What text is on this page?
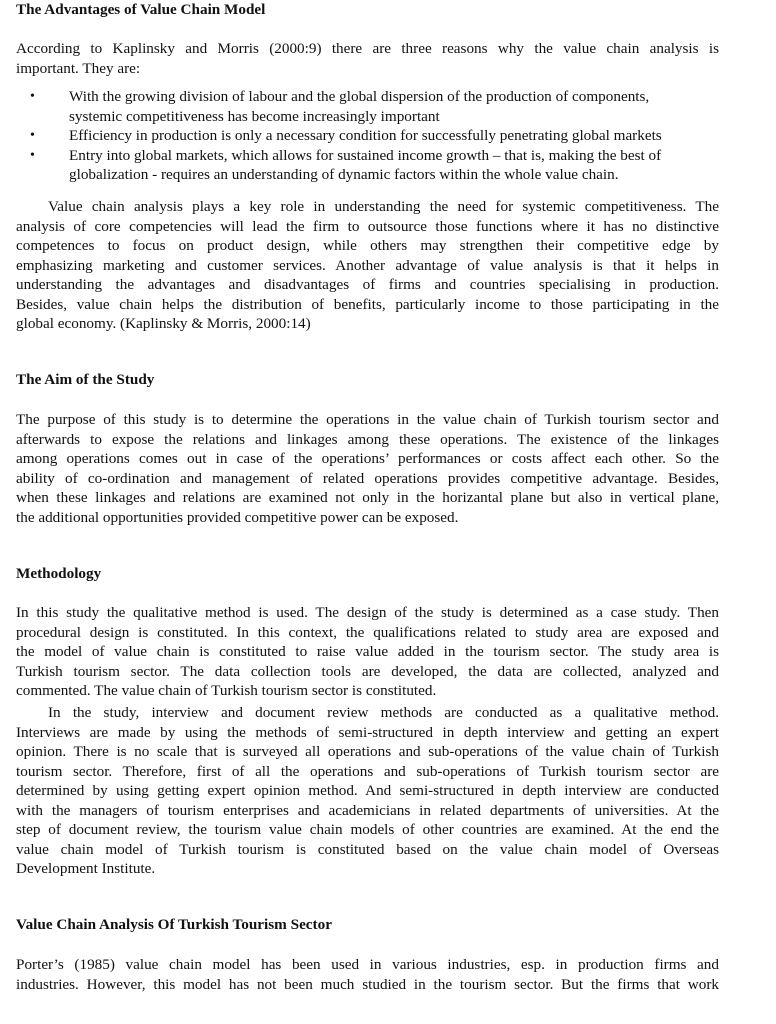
The Advantages of Value Chain Model
According to Kaplinsky and Morris (2000:9) there are three reasons why the value chain analysis is
important. They are:
• With the growing division of labour and the global dispersion of the production of components,
systemic competitiveness has become increasingly important
• Efficiency in production is only a necessary condition for successfully penetrating global markets
• Entry into global markets, which allows for sustained income growth – that is, making the best of
globalization - requires an understanding of dynamic factors within the whole value chain.
Value chain analysis plays a key role in understanding the need for systemic competitiveness. The
analysis of core competencies will lead the firm to outsource those functions where it has no distinctive
competences to focus on product design, while others may strengthen their competitive edge by
emphasizing marketing and customer services. Another advantage of value analysis is that it helps in
understanding the advantages and disadvantages of firms and countries specialising in production.
Besides, value chain helps the distribution of benefits, particularly income to those participating in the
global economy. (Kaplinsky & Morris, 2000:14)
The Aim of the Study
The purpose of this study is to determine the operations in the value chain of Turkish tourism sector and
afterwards to expose the relations and linkages among these operations. The existence of the linkages
among operations comes out in case of the operations’ performances or costs affect each other. So the
ability of co-ordination and management of related operations provides competitive advantage. Besides,
when these linkages and relations are examined not only in the horizantal plane but also in vertical plane,
the additional opportunities provided competitive power can be exposed.
Methodology
In this study the qualitative method is used. The design of the study is determined as a case study. Then
procedural design is constituted. In this context, the qualifications related to study area are exposed and
the model of value chain is constituted to raise value added in the tourism sector. The study area is
Turkish tourism sector. The data collection tools are developed, the data are collected, analyzed and
commented. The value chain of Turkish tourism sector is constituted.
In the study, interview and document review methods are conducted as a qualitative method.
Interviews are made by using the methods of semi-structured in depth interview and getting an expert
opinion. There is no scale that is surveyed all operations and sub-operations of the value chain of Turkish
tourism sector. Therefore, first of all the operations and sub-operations of Turkish tourism sector are
determined by using getting expert opinion method. And semi-structured in depth interview are conducted
with the managers of tourism enterprises and academicians in related departments of universities. At the
step of document review, the tourism value chain models of other countries are examined. At the end the
value chain model of Turkish tourism is constituted based on the value chain model of Overseas
Development Institute.
Value Chain Analysis Of Turkish Tourism Sector
Porter’s (1985) value chain model has been used in various industries, esp. in production firms and
industries. However, this model has not been much studied in the tourism sector. But the firms that work
